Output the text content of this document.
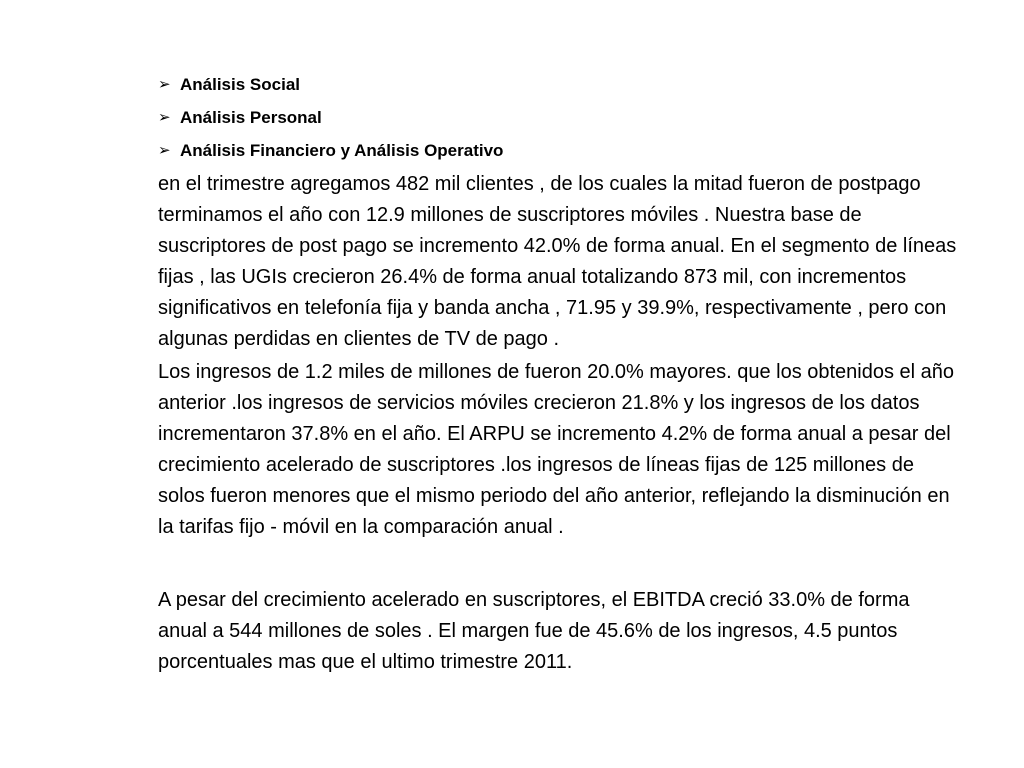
➢ Análisis Social
➢ Análisis Personal
➢ Análisis Financiero y Análisis Operativo

en el trimestre agregamos 482 mil clientes , de los cuales la mitad fueron de postpago terminamos el año con 12.9 millones de suscriptores móviles . Nuestra base de suscriptores de post pago se incremento 42.0% de forma anual. En el segmento de líneas fijas , las UGIs crecieron 26.4% de forma anual totalizando 873 mil, con incrementos significativos en telefonía fija y banda ancha , 71.95 y 39.9%, respectivamente , pero con algunas perdidas en clientes de TV de pago .

Los ingresos de 1.2 miles de millones de fueron 20.0% mayores. que los obtenidos el año anterior .los ingresos de servicios móviles crecieron 21.8% y los ingresos de los datos incrementaron 37.8% en el año. El ARPU se incremento 4.2% de forma anual a pesar del crecimiento acelerado de suscriptores .los ingresos de líneas fijas de 125 millones de solos fueron menores que el mismo periodo del año anterior, reflejando la disminución en la tarifas fijo - móvil en la comparación anual .

A pesar del crecimiento acelerado en suscriptores, el EBITDA creció 33.0% de forma anual a 544 millones de soles . El margen fue de 45.6% de los ingresos, 4.5 puntos porcentuales mas que el ultimo trimestre 2011.
